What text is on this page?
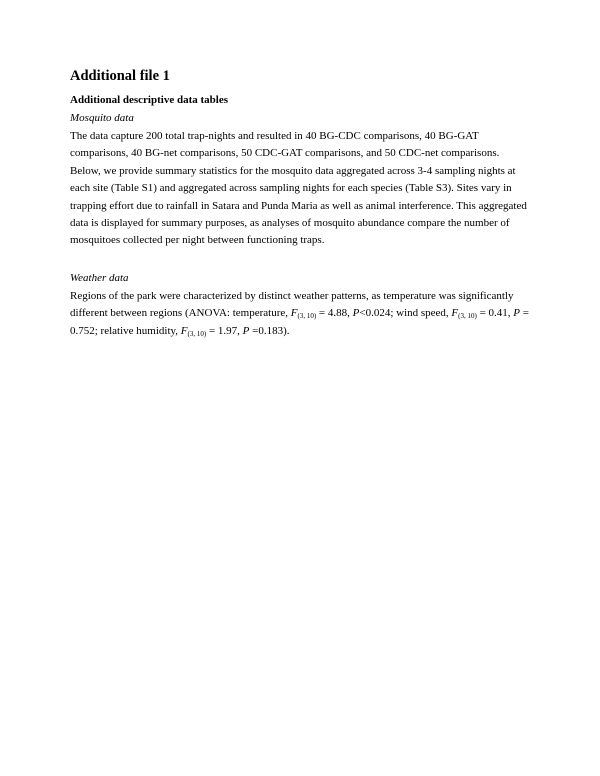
Additional file 1
Additional descriptive data tables
Mosquito data

The data capture 200 total trap-nights and resulted in 40 BG-CDC comparisons, 40 BG-GAT comparisons, 40 BG-net comparisons, 50 CDC-GAT comparisons, and 50 CDC-net comparisons. Below, we provide summary statistics for the mosquito data aggregated across 3-4 sampling nights at each site (Table S1) and aggregated across sampling nights for each species (Table S3). Sites vary in trapping effort due to rainfall in Satara and Punda Maria as well as animal interference. This aggregated data is displayed for summary purposes, as analyses of mosquito abundance compare the number of mosquitoes collected per night between functioning traps.

Weather data

Regions of the park were characterized by distinct weather patterns, as temperature was significantly different between regions (ANOVA: temperature, $F_{(3, 10)} = 4.88$, P<0.024; wind speed, $F_{(3, 10)} = 0.41$, P = 0.752; relative humidity, $F_{(3, 10)} = 1.97$, P =0.183).
